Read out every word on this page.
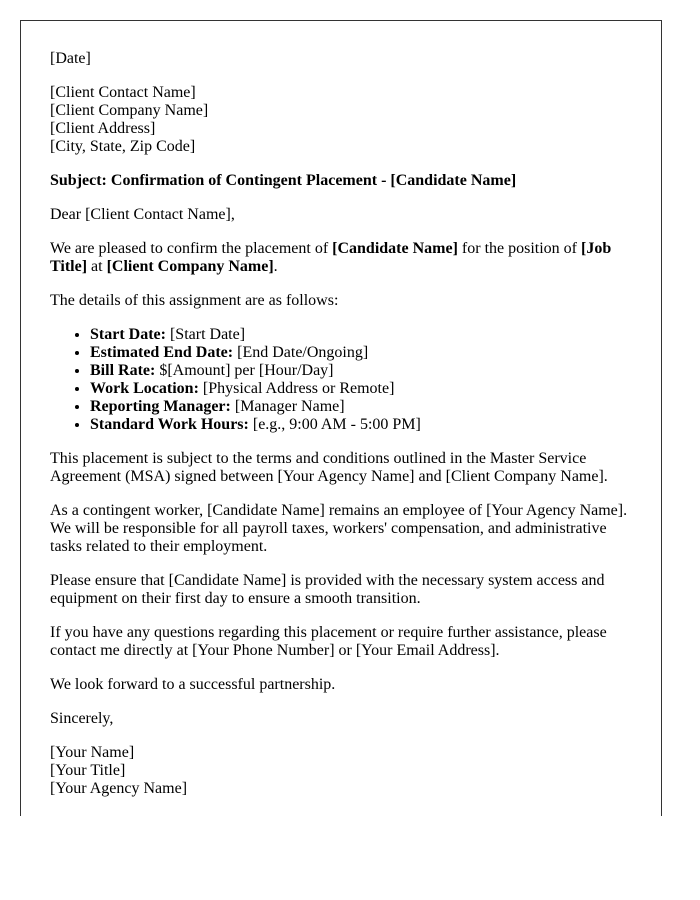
[Date]

[Client Contact Name]
[Client Company Name]
[Client Address]
[City, State, Zip Code]

Subject: Confirmation of Contingent Placement - [Candidate Name]

Dear [Client Contact Name],

We are pleased to confirm the placement of [Candidate Name] for the position of [Job Title] at [Client Company Name].

The details of this assignment are as follows:

• Start Date: [Start Date]
• Estimated End Date: [End Date/Ongoing]
• Bill Rate: $[Amount] per [Hour/Day]
• Work Location: [Physical Address or Remote]
• Reporting Manager: [Manager Name]
• Standard Work Hours: [e.g., 9:00 AM - 5:00 PM]

This placement is subject to the terms and conditions outlined in the Master Service Agreement (MSA) signed between [Your Agency Name] and [Client Company Name].

As a contingent worker, [Candidate Name] remains an employee of [Your Agency Name]. We will be responsible for all payroll taxes, workers' compensation, and administrative tasks related to their employment.

Please ensure that [Candidate Name] is provided with the necessary system access and equipment on their first day to ensure a smooth transition.

If you have any questions regarding this placement or require further assistance, please contact me directly at [Your Phone Number] or [Your Email Address].

We look forward to a successful partnership.

Sincerely,

[Your Name]
[Your Title]
[Your Agency Name]
